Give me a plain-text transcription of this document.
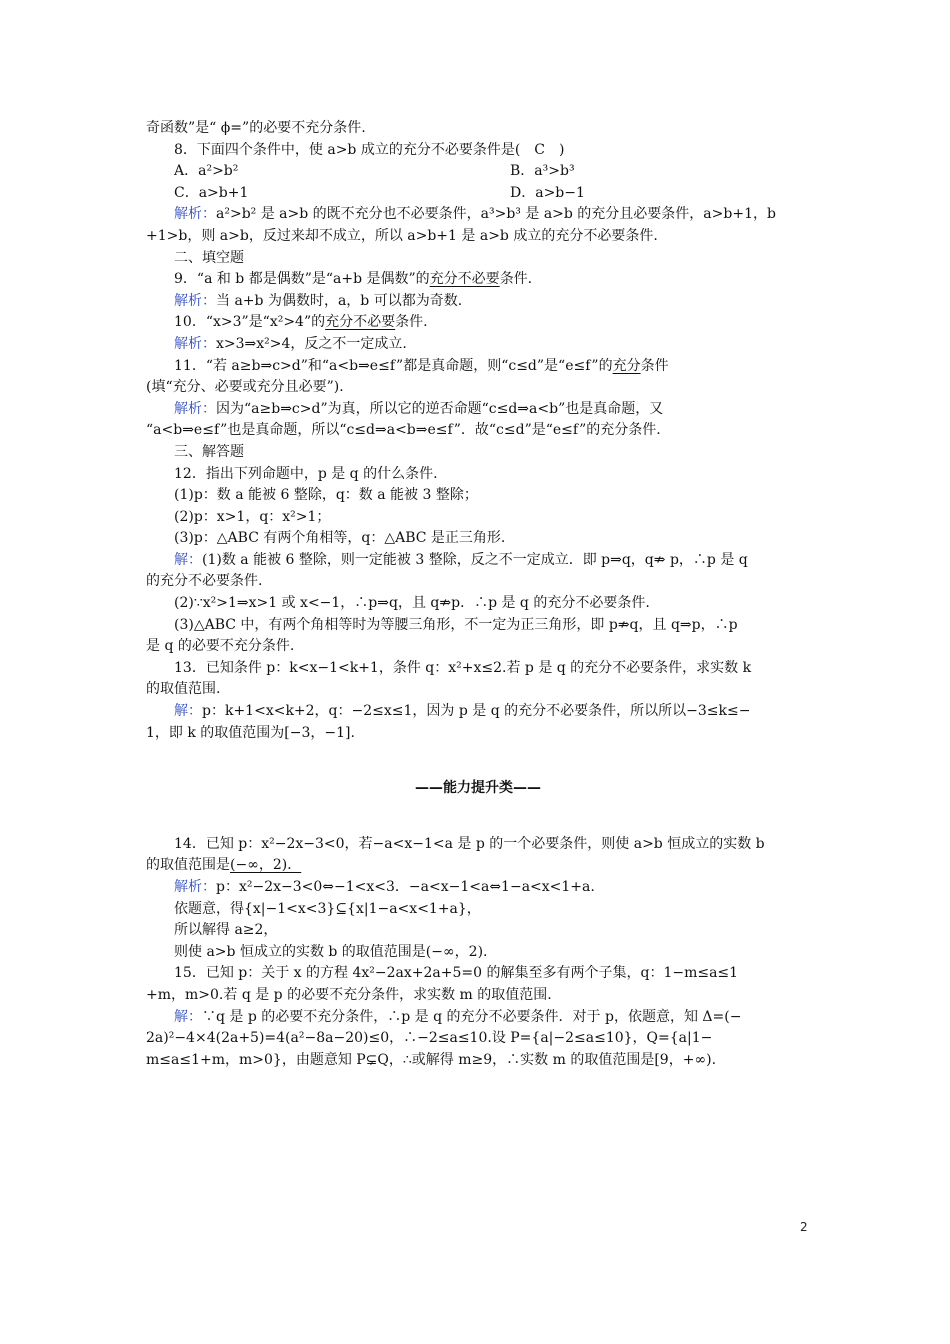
奇函数”是“ ϕ=”的必要不充分条件.
8．下面四个条件中，使 a>b 成立的充分不必要条件是(　C　)
A．a²>b²	B．a³>b³
C．a>b+1	D．a>b−1
解析：a²>b² 是 a>b 的既不充分也不必要条件，a³>b³ 是 a>b 的充分且必要条件，a>b+1，b
+1>b，则 a>b，反过来却不成立，所以 a>b+1 是 a>b 成立的充分不必要条件.
二、填空题
9．“a 和 b 都是偶数”是“a+b 是偶数”的充分不必要条件.
解析：当 a+b 为偶数时，a，b 可以都为奇数.
10．“x>3”是“x²>4”的充分不必要条件.
解析：x>3⇒x²>4，反之不一定成立.
11．“若 a≥b⇒c>d”和“a<b⇒e≤f”都是真命题，则“c≤d”是“e≤f”的充分条件
(填“充分、必要或充分且必要”).
解析：因为“a≥b⇒c>d”为真，所以它的逆否命题“c≤d⇒a<b”也是真命题，又
“a<b⇒e≤f”也是真命题，所以“c≤d⇒a<b⇒e≤f”．故“c≤d”是“e≤f”的充分条件.
三、解答题
12．指出下列命题中，p 是 q 的什么条件.
(1)p：数 a 能被 6 整除，q：数 a 能被 3 整除；
(2)p：x>1，q：x²>1；
(3)p：△ABC 有两个角相等，q：△ABC 是正三角形.
解：(1)数 a 能被 6 整除，则一定能被 3 整除，反之不一定成立．即 p⇒q，q⇏ p，∴p 是 q
的充分不必要条件.
(2)∵x²>1⇒x>1 或 x<−1，∴p⇒q，且 q⇏p．∴p 是 q 的充分不必要条件.
(3)△ABC 中，有两个角相等时为等腰三角形，不一定为正三角形，即 p⇏q，且 q⇒p，∴p
是 q 的必要不充分条件.
13．已知条件 p：k<x−1<k+1，条件 q：x²+x≤2.若 p 是 q 的充分不必要条件，求实数 k
的取值范围.
解：p：k+1<x<k+2，q：−2≤x≤1，因为 p 是 q 的充分不必要条件，所以所以−3≤k≤−
1，即 k 的取值范围为[−3，−1].
——能力提升类——
14．已知 p：x²−2x−3<0，若−a<x−1<a 是 p 的一个必要条件，则使 a>b 恒成立的实数 b
的取值范围是(−∞，2)．
解析：p：x²−2x−3<0⇔−1<x<3．−a<x−1<a⇔1−a<x<1+a.
依题意，得{x|−1<x<3}⊆{x|1−a<x<1+a}，
所以解得 a≥2，
则使 a>b 恒成立的实数 b 的取值范围是(−∞，2).
15．已知 p：关于 x 的方程 4x²−2ax+2a+5=0 的解集至多有两个子集，q：1−m≤a≤1
+m，m>0.若 q 是 p 的必要不充分条件，求实数 m 的取值范围.
解：∵q 是 p 的必要不充分条件，∴p 是 q 的充分不必要条件．对于 p，依题意，知 Δ=(−
2a)²−4×4(2a+5)=4(a²−8a−20)≤0，∴−2≤a≤10.设 P={a|−2≤a≤10}，Q={a|1−
m≤a≤1+m，m>0}，由题意知 P⊊Q，∴或解得 m≥9，∴实数 m 的取值范围是[9，+∞).
2
